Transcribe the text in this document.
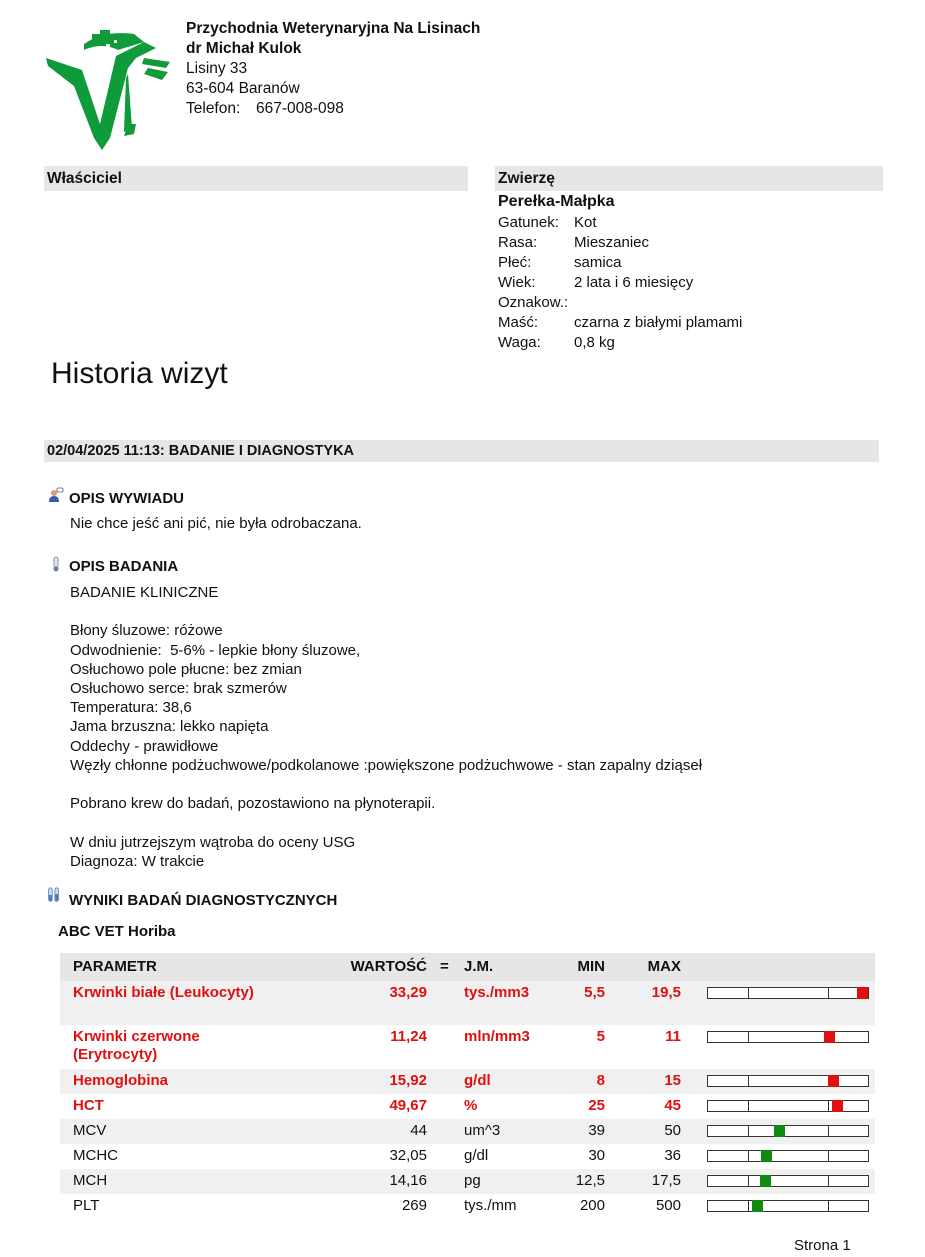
Przychodnia Weterynaryjna Na Lisinach
dr Michał Kulok
Lisiny 33
63-604 Baranów
Telefon: 667-008-098
Właściciel	Zwierzę
Perełka-Małpka
Gatunek:	Kot
Rasa:	Mieszaniec
Płeć:	samica
Wiek:	2 lata i 6 miesięcy
Oznakow.:
Maść:	czarna z białymi plamami
Waga:	0,8 kg
Historia wizyt
02/04/2025 11:13: BADANIE I DIAGNOSTYKA
OPIS WYWIADU
Nie chce jeść ani pić, nie była odrobaczana.
OPIS BADANIA
BADANIE KLINICZNE
Błony śluzowe: różowe
Odwodnienie:  5-6% - lepkie błony śluzowe,
Osłuchowo pole płucne: bez zmian
Osłuchowo serce: brak szmerów
Temperatura: 38,6
Jama brzuszna: lekko napięta
Oddechy - prawidłowe
Węzły chłonne podżuchwowe/podkolanowe :powiększone podżuchwowe - stan zapalny dziąseł
Pobrano krew do badań, pozostawiono na płynoterapii.
W dniu jutrzejszym wątroba do oceny USG
Diagnoza: W trakcie
WYNIKI BADAŃ DIAGNOSTYCZNYCH
ABC VET Horiba
PARAMETR	WARTOŚĆ = J.M.	MIN	MAX
Krwinki białe (Leukocyty)	33,29 tys./mm3	5,5	19,5
Krwinki czerwone (Erytrocyty)
11,24 mln/mm3	5	11
Hemoglobina	15,92 g/dl	8	15
HCT	49,67 %	25	45
MCV	44 um^3	39	50
MCHC	32,05 g/dl	30	36
MCH	14,16 pg	12,5	17,5
PLT	269 tys./mm	200	500
Strona 1
